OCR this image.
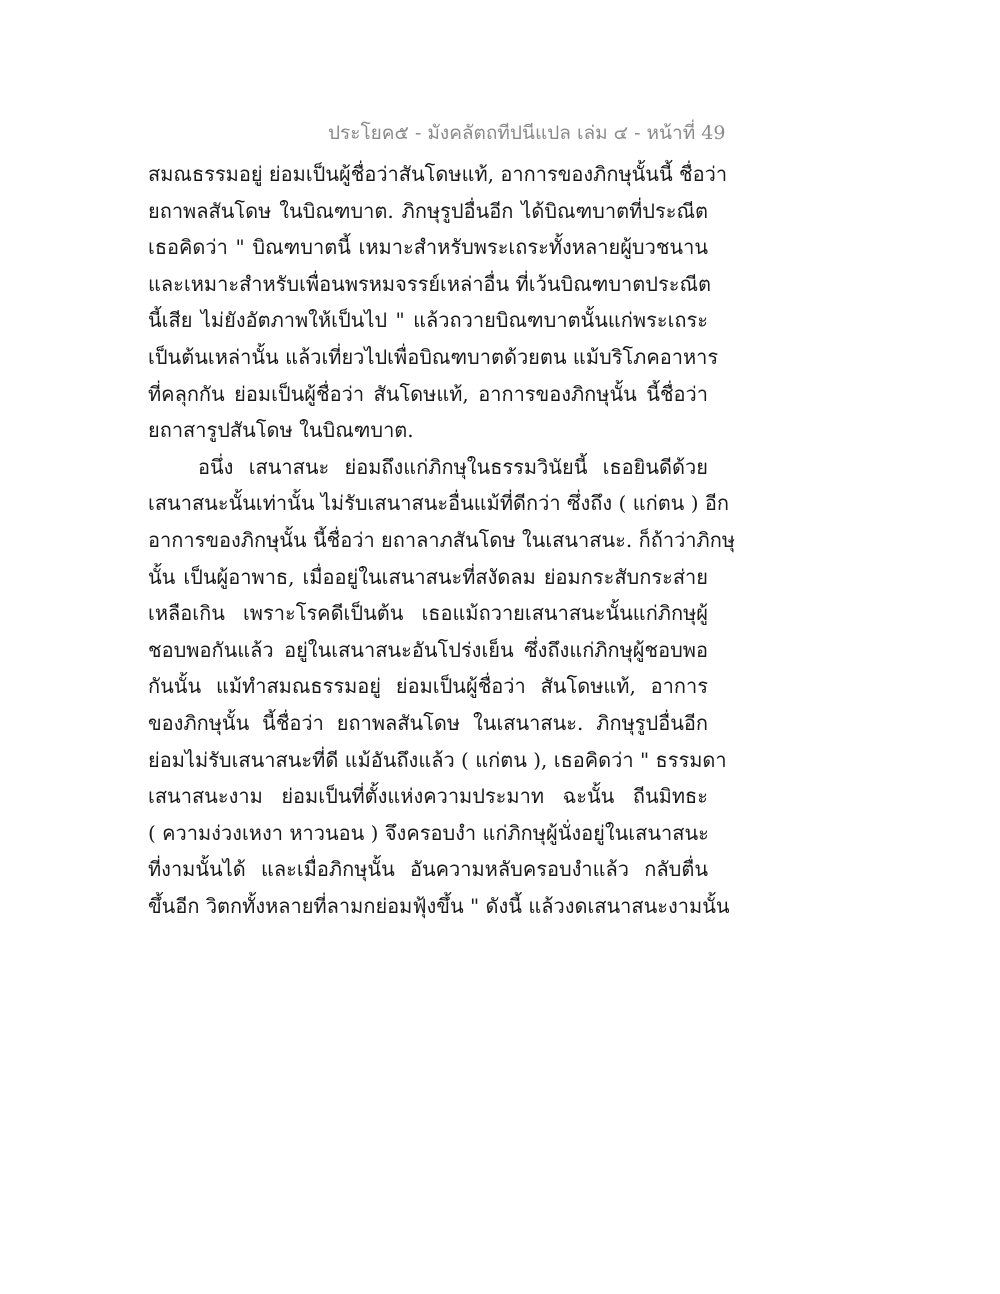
ประโยค๕ - มังคลัตถทีปนีแปล เล่ม ๔ - หน้าที่ 49
สมณธรรมอยู่ ย่อมเป็นผู้ชื่อว่าสันโดษแท้, อาการของภิกษุนั้นนี้ ชื่อว่า
ยถาพลสันโดษ ในบิณฑบาต. ภิกษุรูปอื่นอีก ได้บิณฑบาตที่ประณีต
เธอคิดว่า " บิณฑบาตนี้ เหมาะสำหรับพระเถระทั้งหลายผู้บวชนาน
และเหมาะสำหรับเพื่อนพรหมจรรย์เหล่าอื่น ที่เว้นบิณฑบาตประณีต
นี้เสีย ไม่ยังอัตภาพให้เป็นไป " แล้วถวายบิณฑบาตนั้นแก่พระเถระ
เป็นต้นเหล่านั้น แล้วเที่ยวไปเพื่อบิณฑบาตด้วยตน แม้บริโภคอาหาร
ที่คลุกกัน ย่อมเป็นผู้ชื่อว่า สันโดษแท้, อาการของภิกษุนั้น นี้ชื่อว่า
ยถาสารูปสันโดษ ในบิณฑบาต.
อนึ่ง เสนาสนะ ย่อมถึงแก่ภิกษุในธรรมวินัยนี้ เธอยินดีด้วย
เสนาสนะนั้นเท่านั้น ไม่รับเสนาสนะอื่นแม้ที่ดีกว่า ซึ่งถึง ( แก่ตน ) อีก
อาการของภิกษุนั้น นี้ชื่อว่า ยถาลาภสันโดษ ในเสนาสนะ. ก็ถ้าว่าภิกษุ
นั้น เป็นผู้อาพาธ, เมื่ออยู่ในเสนาสนะที่สงัดลม ย่อมกระสับกระส่าย
เหลือเกิน เพราะโรคดีเป็นต้น เธอแม้ถวายเสนาสนะนั้นแก่ภิกษุผู้
ชอบพอกันแล้ว อยู่ในเสนาสนะอันโปร่งเย็น ซึ่งถึงแก่ภิกษุผู้ชอบพอ
กันนั้น แม้ทำสมณธรรมอยู่ ย่อมเป็นผู้ชื่อว่า สันโดษแท้, อาการ
ของภิกษุนั้น นี้ชื่อว่า ยถาพลสันโดษ ในเสนาสนะ. ภิกษุรูปอื่นอีก
ย่อมไม่รับเสนาสนะที่ดี แม้อันถึงแล้ว ( แก่ตน ), เธอคิดว่า " ธรรมดา
เสนาสนะงาม ย่อมเป็นที่ตั้งแห่งความประมาท ฉะนั้น ถีนมิทธะ
( ความง่วงเหงา หาวนอน ) จึงครอบงำ แก่ภิกษุผู้นั่งอยู่ในเสนาสนะ
ที่งามนั้นได้ และเมื่อภิกษุนั้น อันความหลับครอบงำแล้ว กลับตื่น
ขึ้นอีก วิตกทั้งหลายที่ลามกย่อมฟุ้งขึ้น " ดังนี้ แล้วงดเสนาสนะงามนั้น
